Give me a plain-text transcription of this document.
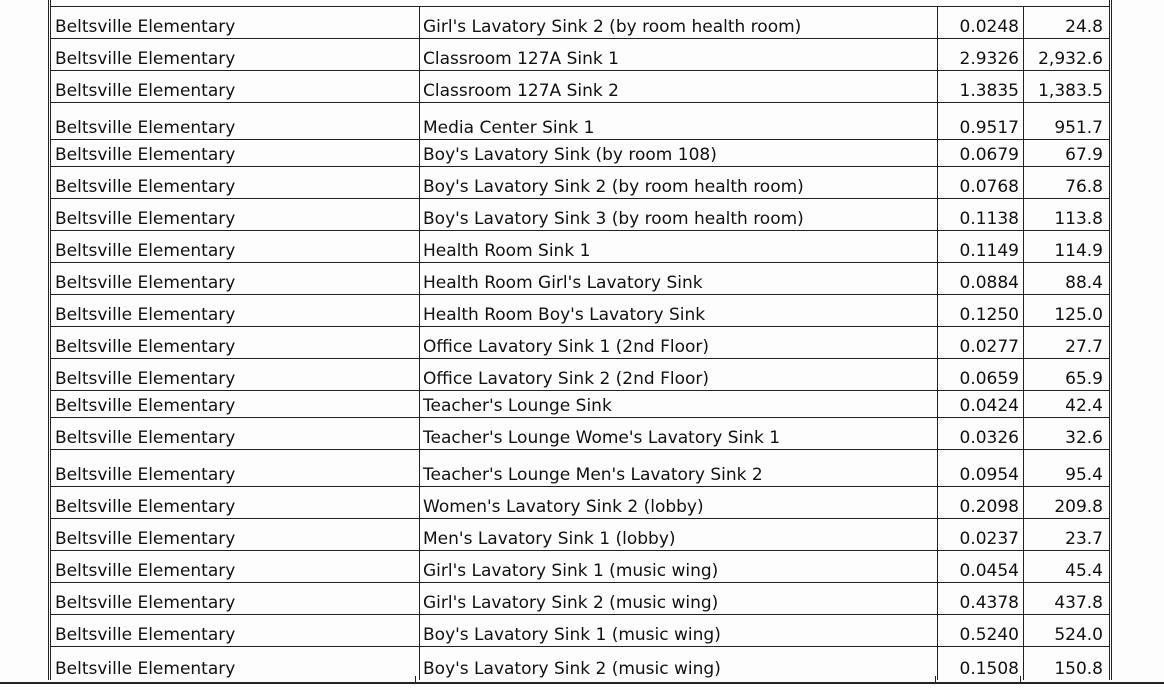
Beltsville Elementary	Girl's Lavatory Sink 2 (by room health room)	0.0248	24.8
Beltsville Elementary	Classroom 127A Sink 1	2.9326	2,932.6
Beltsville Elementary	Classroom 127A Sink 2	1.3835	1,383.5
Beltsville Elementary	Media Center Sink 1	0.9517	951.7
Beltsville Elementary	Boy's Lavatory Sink (by room 108)	0.0679	67.9
Beltsville Elementary	Boy's Lavatory Sink 2 (by room health room)	0.0768	76.8
Beltsville Elementary	Boy's Lavatory Sink 3 (by room health room)	0.1138	113.8
Beltsville Elementary	Health Room Sink 1	0.1149	114.9
Beltsville Elementary	Health Room Girl's Lavatory Sink	0.0884	88.4
Beltsville Elementary	Health Room Boy's Lavatory Sink	0.1250	125.0
Beltsville Elementary	Office Lavatory Sink 1 (2nd Floor)	0.0277	27.7
Beltsville Elementary	Office Lavatory Sink 2 (2nd Floor)	0.0659	65.9
Beltsville Elementary	Teacher's Lounge Sink	0.0424	42.4
Beltsville Elementary	Teacher's Lounge Wome's Lavatory Sink 1	0.0326	32.6
Beltsville Elementary	Teacher's Lounge Men's Lavatory Sink 2	0.0954	95.4
Beltsville Elementary	Women's Lavatory Sink 2 (lobby)	0.2098	209.8
Beltsville Elementary	Men's Lavatory Sink 1 (lobby)	0.0237	23.7
Beltsville Elementary	Girl's Lavatory Sink 1 (music wing)	0.0454	45.4
Beltsville Elementary	Girl's Lavatory Sink 2 (music wing)	0.4378	437.8
Beltsville Elementary	Boy's Lavatory Sink 1 (music wing)	0.5240	524.0
Beltsville Elementary	Boy's Lavatory Sink 2 (music wing)	0.1508	150.8
